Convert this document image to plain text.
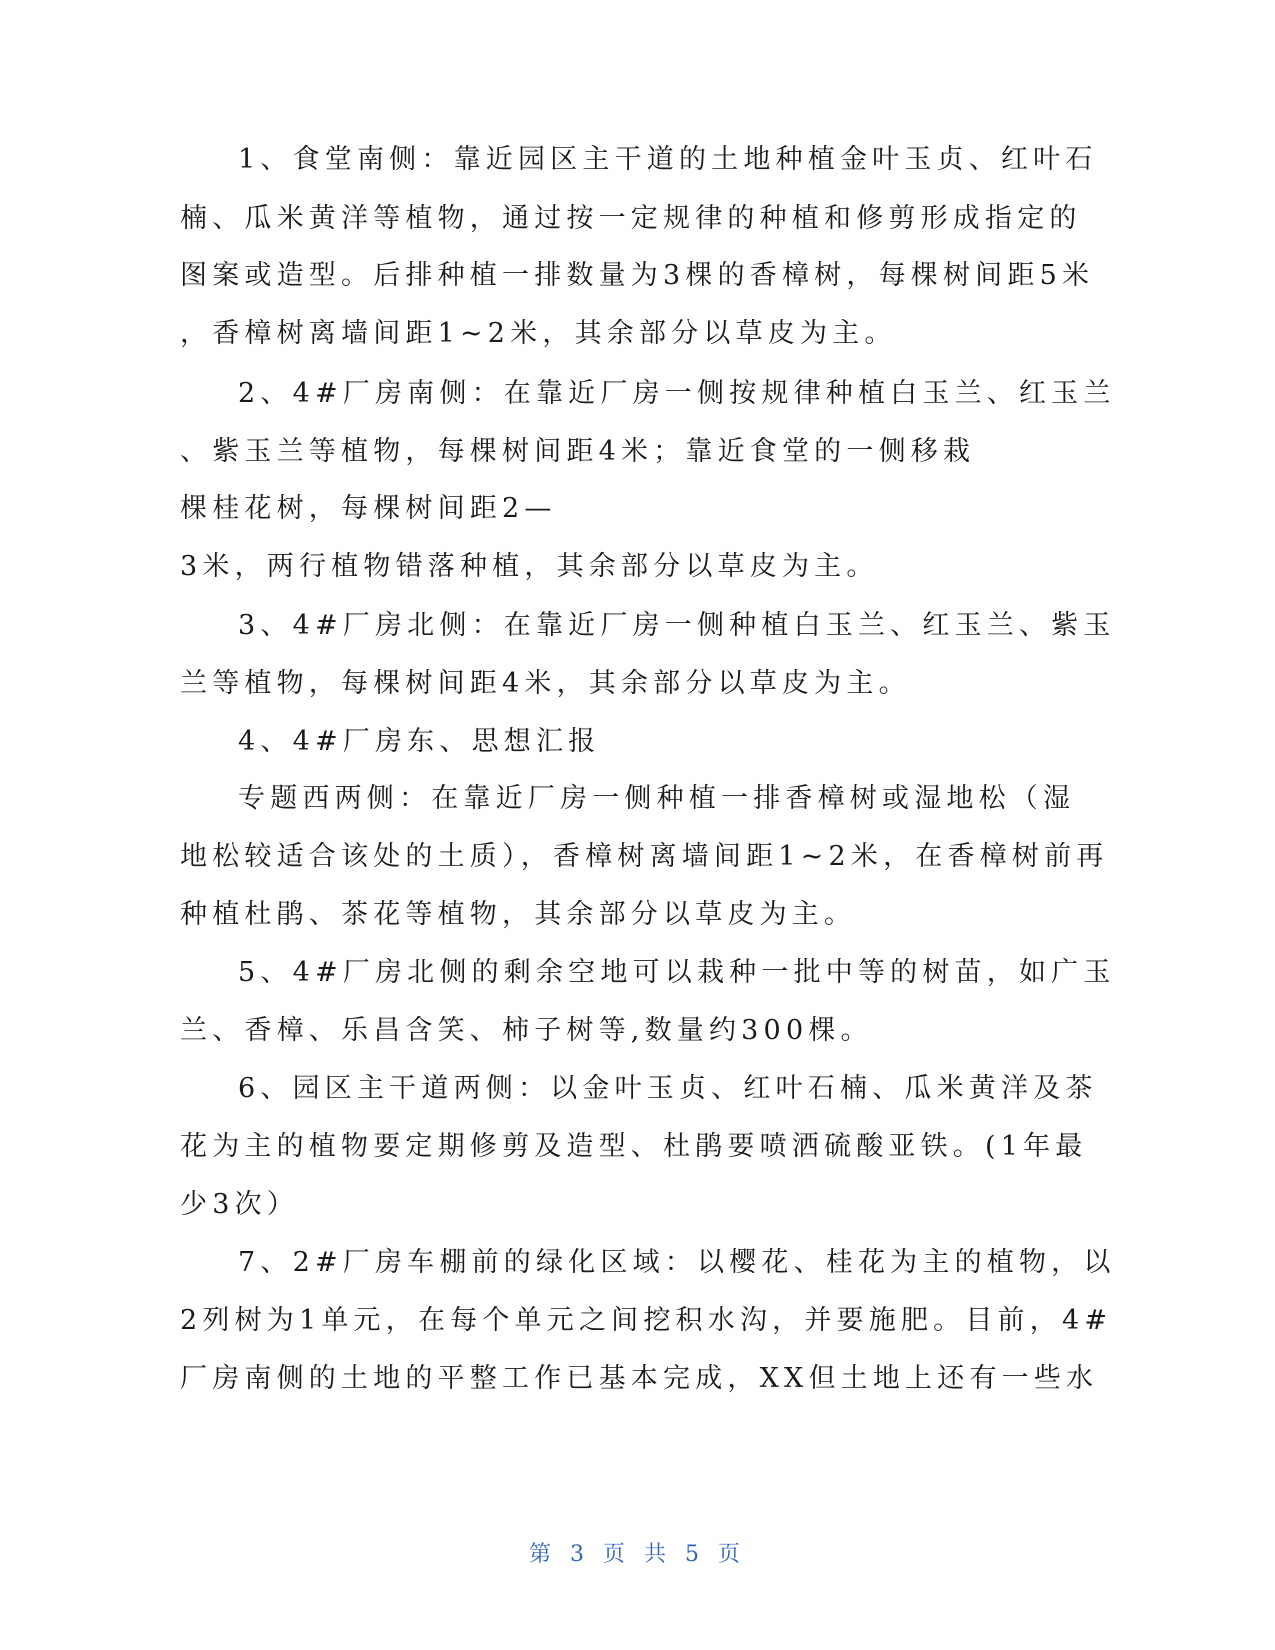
1、食堂南侧：靠近园区主干道的土地种植金叶玉贞、红叶石
楠、瓜米黄洋等植物，通过按一定规律的种植和修剪形成指定的
图案或造型。后排种植一排数量为3棵的香樟树，每棵树间距5米
，香樟树离墙间距1~2米，其余部分以草皮为主。
2、4#厂房南侧：在靠近厂房一侧按规律种植白玉兰、红玉兰
、紫玉兰等植物，每棵树间距4米；靠近食堂的一侧移栽
棵桂花树，每棵树间距2—
3米，两行植物错落种植，其余部分以草皮为主。
3、4#厂房北侧：在靠近厂房一侧种植白玉兰、红玉兰、紫玉
兰等植物，每棵树间距4米，其余部分以草皮为主。
4、4#厂房东、思想汇报
专题西两侧：在靠近厂房一侧种植一排香樟树或湿地松（湿
地松较适合该处的土质），香樟树离墙间距1~2米，在香樟树前再
种植杜鹃、茶花等植物，其余部分以草皮为主。
5、4#厂房北侧的剩余空地可以栽种一批中等的树苗，如广玉
兰、香樟、乐昌含笑、柿子树等,数量约300棵。
6、园区主干道两侧：以金叶玉贞、红叶石楠、瓜米黄洋及茶
花为主的植物要定期修剪及造型、杜鹃要喷洒硫酸亚铁。(1年最
少3次）
7、2#厂房车棚前的绿化区域：以樱花、桂花为主的植物，以
2列树为1单元，在每个单元之间挖积水沟，并要施肥。目前，4#
厂房南侧的土地的平整工作已基本完成，XX但土地上还有一些水
第 3 页 共 5 页
